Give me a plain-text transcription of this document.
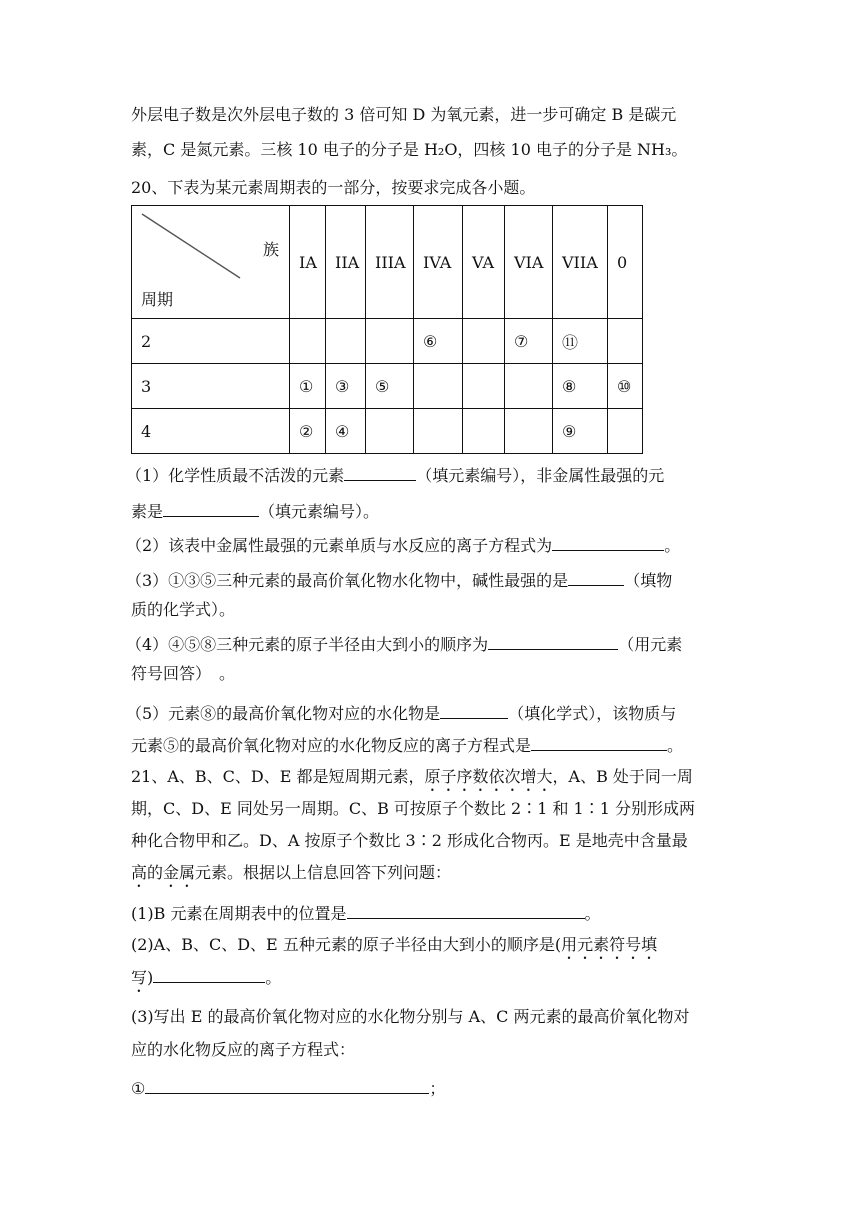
外层电子数是次外层电子数的 3 倍可知 D 为氧元素，进一步可确定 B 是碳元
素，C 是氮元素。三核 10 电子的分子是 H₂O，四核 10 电子的分子是 NH₃。
20、下表为某元素周期表的一部分，按要求完成各小题。
族
周期	IA	IIA	IIIA	IVA	VA	VIA	VIIA	0
2				⑥		⑦	⑪	
3	①	③	⑤				⑧	⑩
4	②	④					⑨	
（1）化学性质最不活泼的元素	（填元素编号），非金属性最强的元
素是	（填元素编号）。
（2）该表中金属性最强的元素单质与水反应的离子方程式为	。
（3）①③⑤三种元素的最高价氧化物水化物中，碱性最强的是	（填物
质的化学式）。
（4）④⑤⑧三种元素的原子半径由大到小的顺序为	（用元素
符号回答）　。
（5）元素⑧的最高价氧化物对应的水化物是	（填化学式），该物质与
元素⑤的最高价氧化物对应的水化物反应的离子方程式是	。
21、A、B、C、D、E 都是短周期元素，原子序数依次增大，A、B 处于同一周
期，C、D、E 同处另一周期。C、B 可按原子个数比 2∶1 和 1∶1 分别形成两
种化合物甲和乙。D、A 按原子个数比 3∶2 形成化合物丙。E 是地壳中含量最
高的金属元素。根据以上信息回答下列问题：
(1)B 元素在周期表中的位置是	。
(2)A、B、C、D、E 五种元素的原子半径由大到小的顺序是(用元素符号填
写)	。
(3)写出 E 的最高价氧化物对应的水化物分别与 A、C 两元素的最高价氧化物对
应的水化物反应的离子方程式：
①	；
